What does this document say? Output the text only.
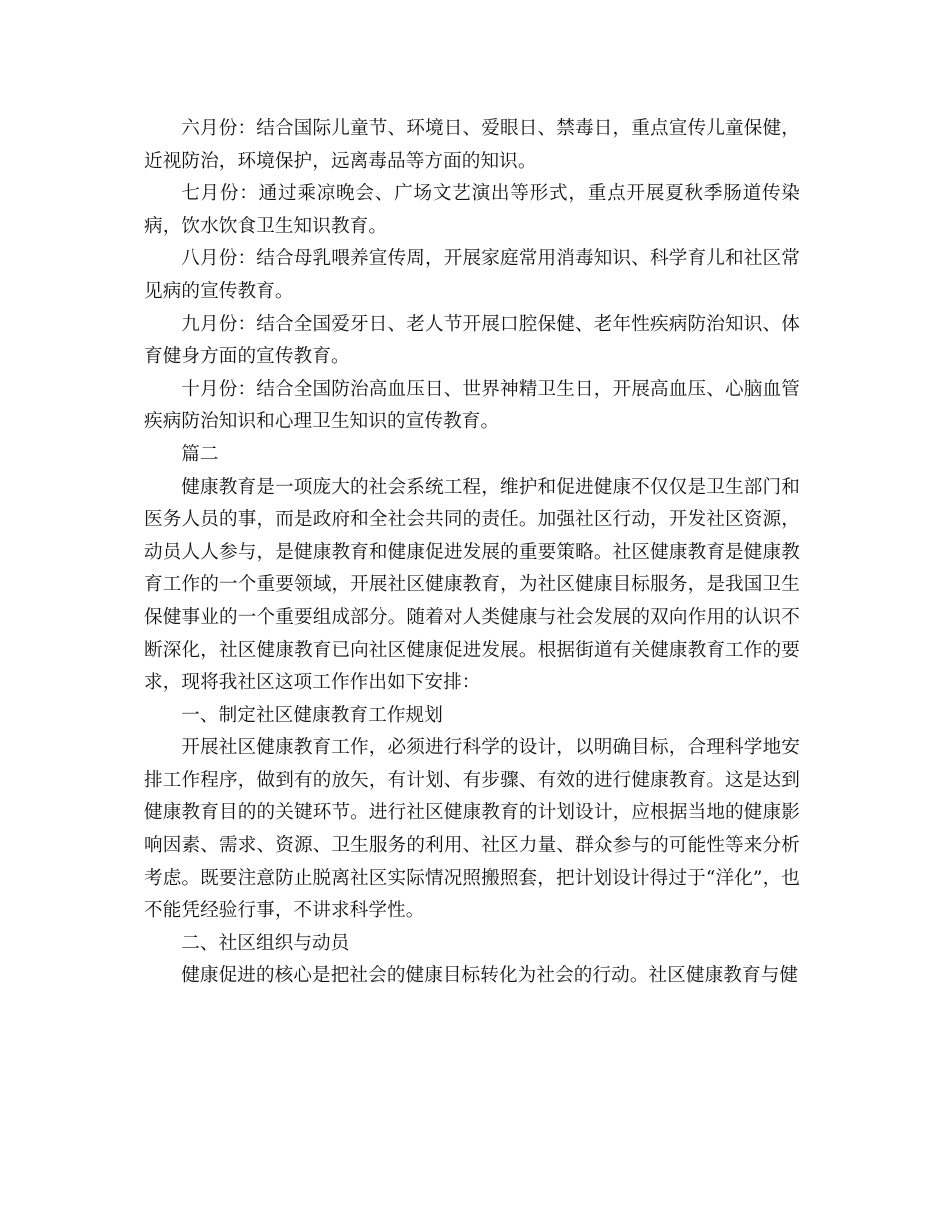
六月份：结合国际儿童节、环境日、爱眼日、禁毒日，重点宣传儿童保健，近视防治，环境保护，远离毒品等方面的知识。

七月份：通过乘凉晚会、广场文艺演出等形式，重点开展夏秋季肠道传染病，饮水饮食卫生知识教育。

八月份：结合母乳喂养宣传周，开展家庭常用消毒知识、科学育儿和社区常见病的宣传教育。

九月份：结合全国爱牙日、老人节开展口腔保健、老年性疾病防治知识、体育健身方面的宣传教育。

十月份：结合全国防治高血压日、世界神精卫生日，开展高血压、心脑血管疾病防治知识和心理卫生知识的宣传教育。

篇二

健康教育是一项庞大的社会系统工程，维护和促进健康不仅仅是卫生部门和医务人员的事，而是政府和全社会共同的责任。加强社区行动，开发社区资源，动员人人参与，是健康教育和健康促进发展的重要策略。社区健康教育是健康教育工作的一个重要领域，开展社区健康教育，为社区健康目标服务，是我国卫生保健事业的一个重要组成部分。随着对人类健康与社会发展的双向作用的认识不断深化，社区健康教育已向社区健康促进发展。根据街道有关健康教育工作的要求，现将我社区这项工作作出如下安排：

一、制定社区健康教育工作规划

开展社区健康教育工作，必须进行科学的设计，以明确目标，合理科学地安排工作程序，做到有的放矢，有计划、有步骤、有效的进行健康教育。这是达到健康教育目的的关键环节。进行社区健康教育的计划设计，应根据当地的健康影响因素、需求、资源、卫生服务的利用、社区力量、群众参与的可能性等来分析考虑。既要注意防止脱离社区实际情况照搬照套，把计划设计得过于“洋化”，也不能凭经验行事，不讲求科学性。

二、社区组织与动员

健康促进的核心是把社会的健康目标转化为社会的行动。社区健康教育与健
